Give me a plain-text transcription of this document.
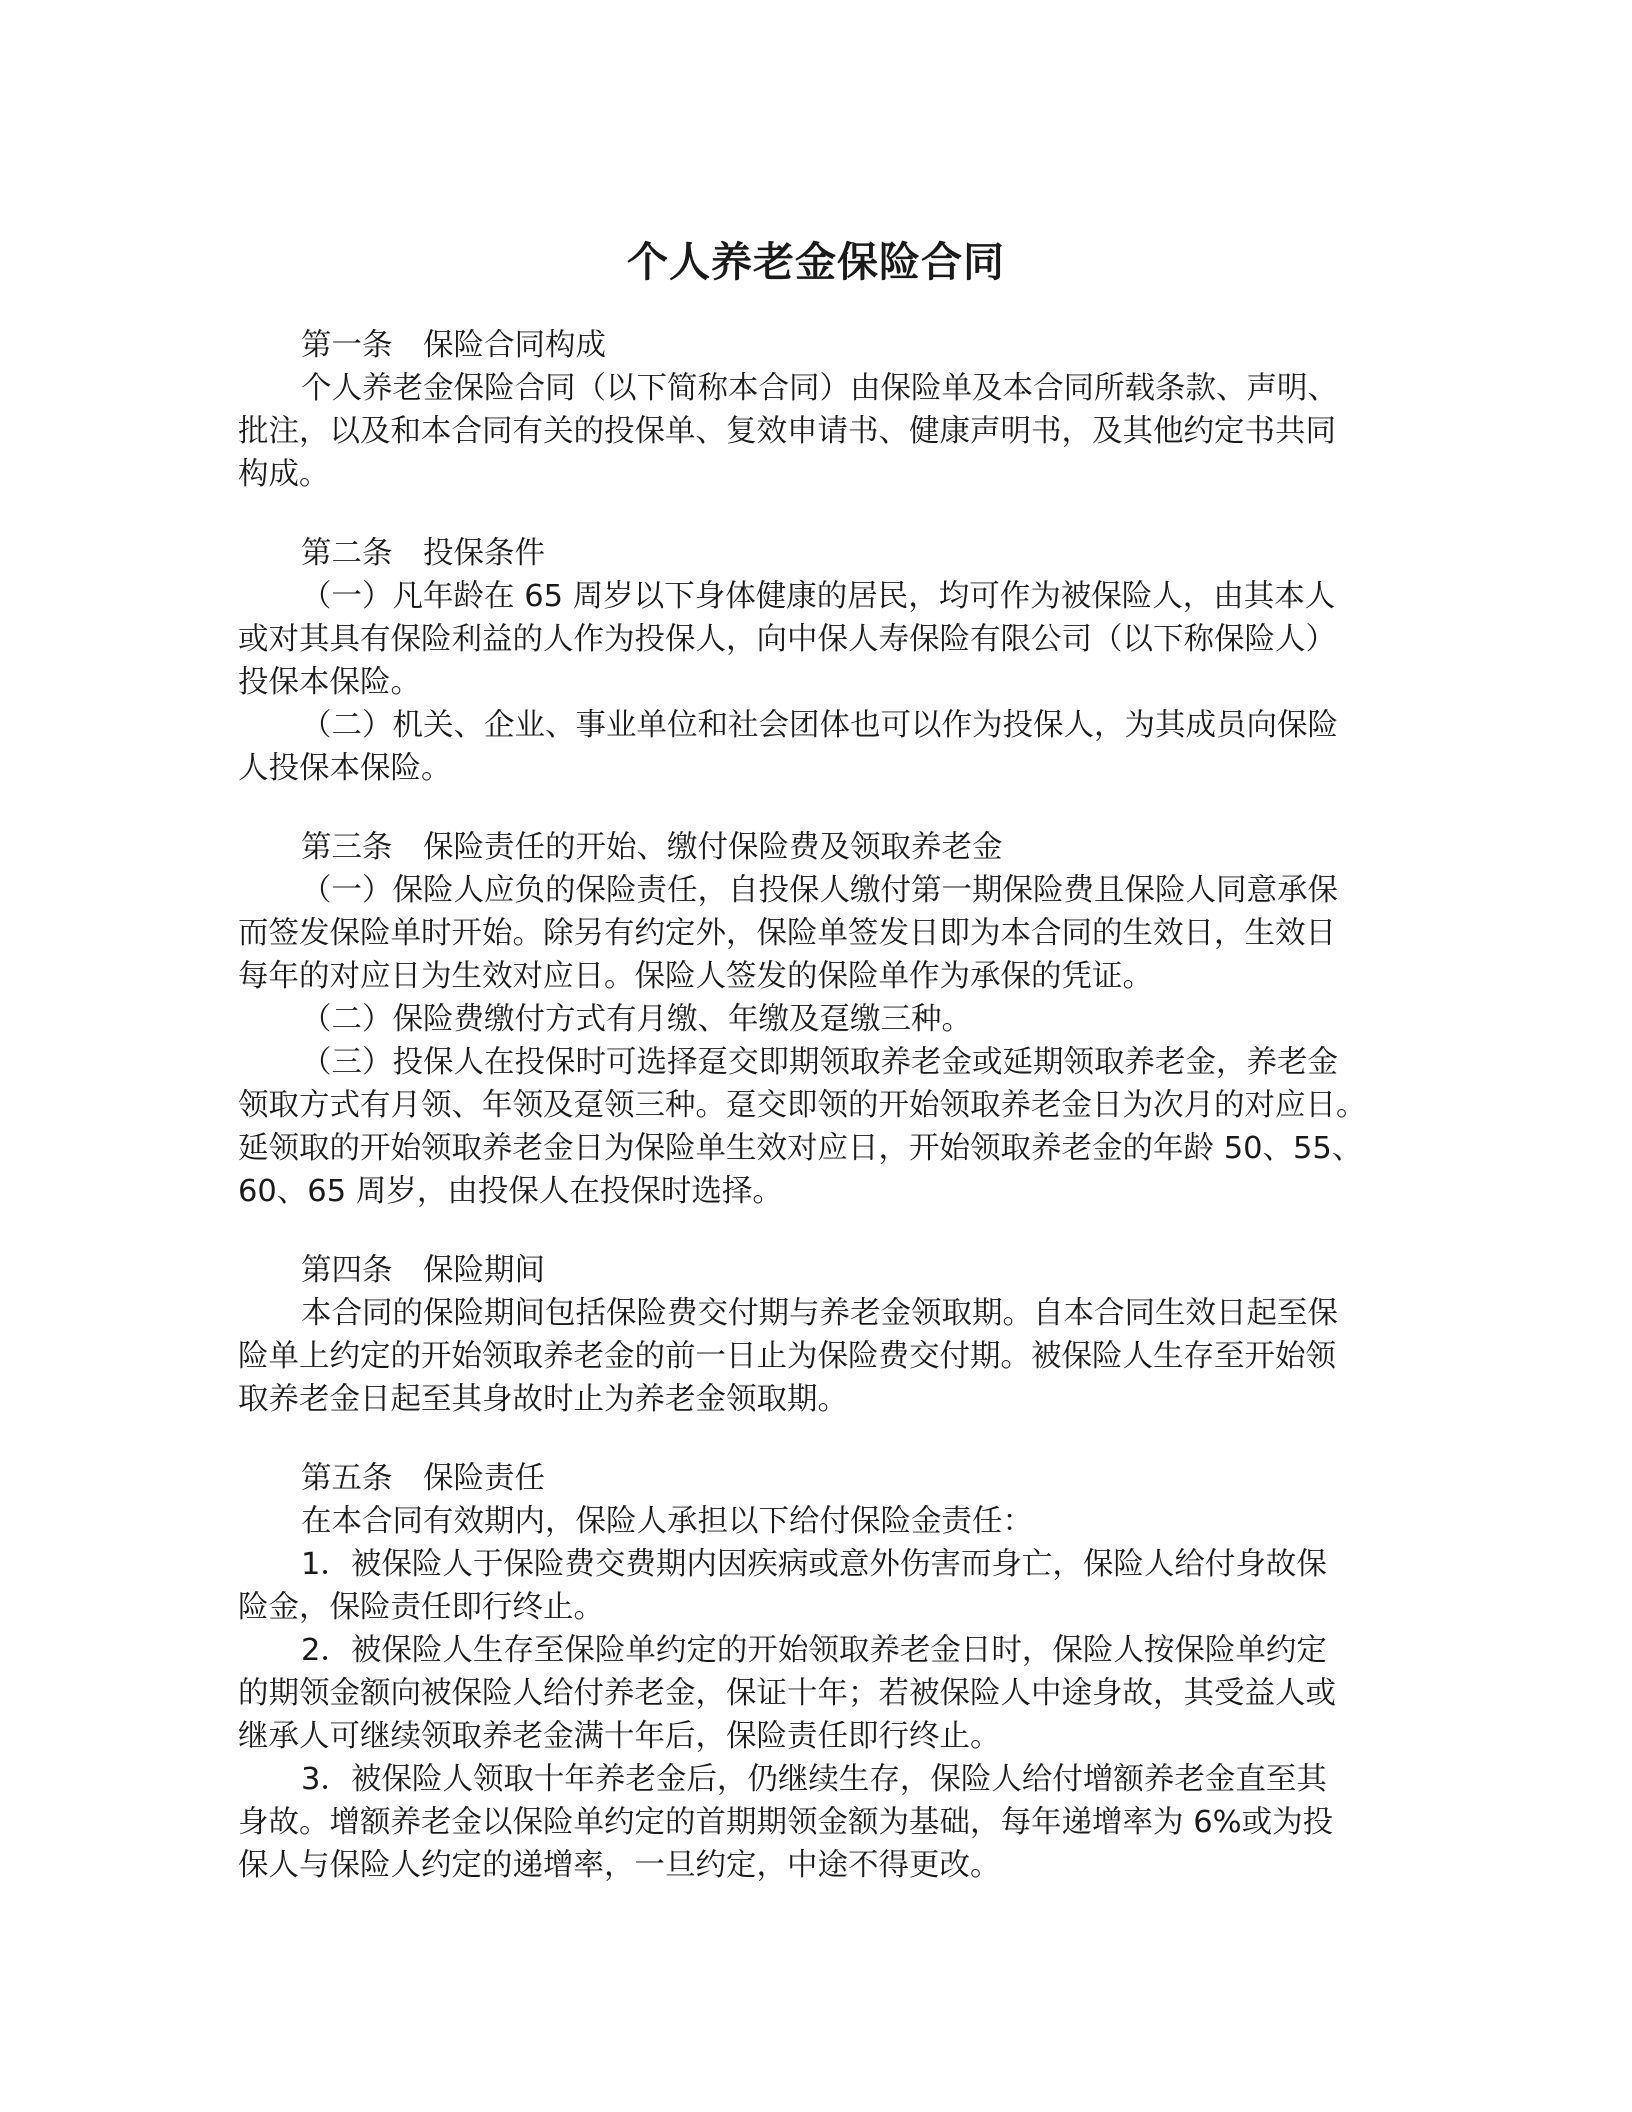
个人养老金保险合同
第一条　保险合同构成
个人养老金保险合同（以下简称本合同）由保险单及本合同所载条款、声明、
批注，以及和本合同有关的投保单、复效申请书、健康声明书，及其他约定书共同
构成。
第二条　投保条件
（一）凡年龄在 65 周岁以下身体健康的居民，均可作为被保险人，由其本人
或对其具有保险利益的人作为投保人，向中保人寿保险有限公司（以下称保险人）
投保本保险。
（二）机关、企业、事业单位和社会团体也可以作为投保人，为其成员向保险
人投保本保险。
第三条　保险责任的开始、缴付保险费及领取养老金
（一）保险人应负的保险责任，自投保人缴付第一期保险费且保险人同意承保
而签发保险单时开始。除另有约定外，保险单签发日即为本合同的生效日，生效日
每年的对应日为生效对应日。保险人签发的保险单作为承保的凭证。
（二）保险费缴付方式有月缴、年缴及趸缴三种。
（三）投保人在投保时可选择趸交即期领取养老金或延期领取养老金，养老金
领取方式有月领、年领及趸领三种。趸交即领的开始领取养老金日为次月的对应日。
延领取的开始领取养老金日为保险单生效对应日，开始领取养老金的年龄 50、55、
60、65 周岁，由投保人在投保时选择。
第四条　保险期间
本合同的保险期间包括保险费交付期与养老金领取期。自本合同生效日起至保
险单上约定的开始领取养老金的前一日止为保险费交付期。被保险人生存至开始领
取养老金日起至其身故时止为养老金领取期。
第五条　保险责任
在本合同有效期内，保险人承担以下给付保险金责任：
1．被保险人于保险费交费期内因疾病或意外伤害而身亡，保险人给付身故保
险金，保险责任即行终止。
2．被保险人生存至保险单约定的开始领取养老金日时，保险人按保险单约定
的期领金额向被保险人给付养老金，保证十年；若被保险人中途身故，其受益人或
继承人可继续领取养老金满十年后，保险责任即行终止。
3．被保险人领取十年养老金后，仍继续生存，保险人给付增额养老金直至其
身故。增额养老金以保险单约定的首期期领金额为基础，每年递增率为 6%或为投
保人与保险人约定的递增率，一旦约定，中途不得更改。
